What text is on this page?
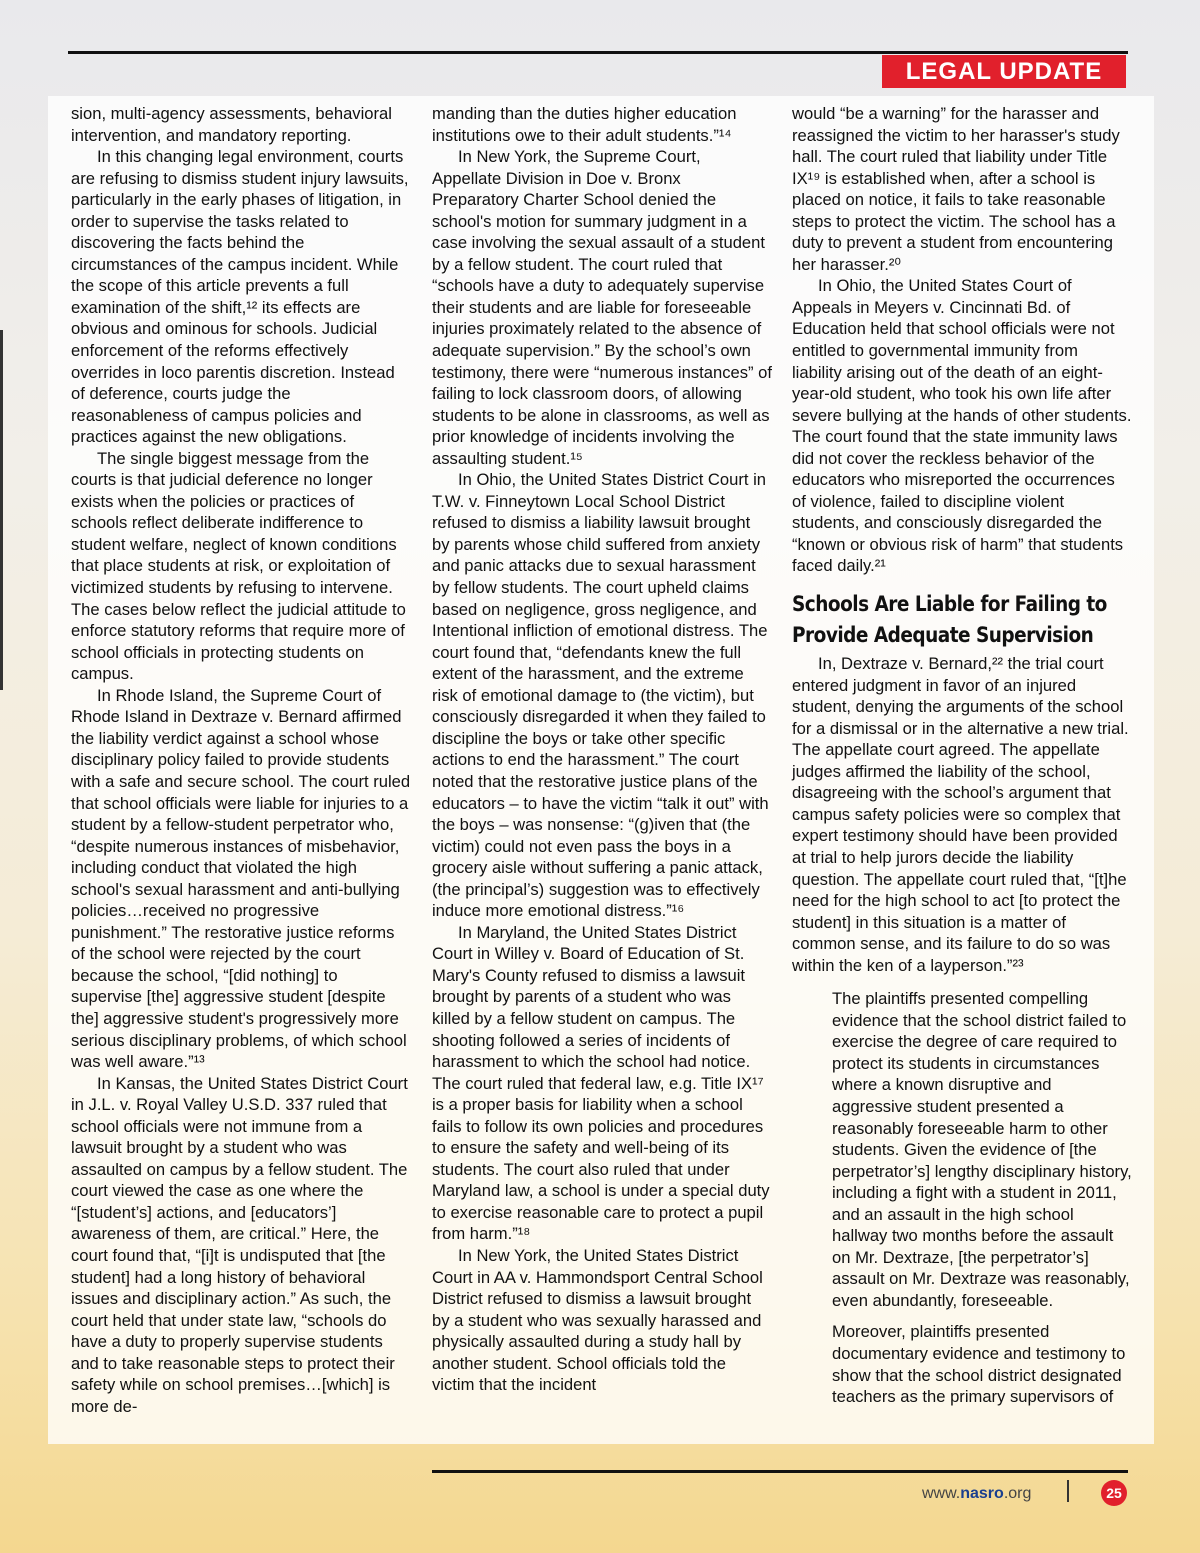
LEGAL UPDATE

sion, multi-agency assessments, behavioral intervention, and mandatory reporting.

In this changing legal environment, courts are refusing to dismiss student injury lawsuits, particularly in the early phases of litigation, in order to supervise the tasks related to discovering the facts behind the circumstances of the campus incident. While the scope of this article prevents a full examination of the shift,¹² its effects are obvious and ominous for schools. Judicial enforcement of the reforms effectively overrides in loco parentis discretion. Instead of deference, courts judge the reasonableness of campus policies and practices against the new obligations.

The single biggest message from the courts is that judicial deference no longer exists when the policies or practices of schools reflect deliberate indifference to student welfare, neglect of known conditions that place students at risk, or exploitation of victimized students by refusing to intervene. The cases below reflect the judicial attitude to enforce statutory reforms that require more of school officials in protecting students on campus.

In Rhode Island, the Supreme Court of Rhode Island in Dextraze v. Bernard affirmed the liability verdict against a school whose disciplinary policy failed to provide students with a safe and secure school. The court ruled that school officials were liable for injuries to a student by a fellow-student perpetrator who, “despite numerous instances of misbehavior, including conduct that violated the high school's sexual harassment and anti-bullying policies…received no progressive punishment.” The restorative justice reforms of the school were rejected by the court because the school, “[did nothing] to supervise [the] aggressive student [despite the] aggressive student's progressively more serious disciplinary problems, of which school was well aware.”¹³

In Kansas, the United States District Court in J.L. v. Royal Valley U.S.D. 337 ruled that school officials were not immune from a lawsuit brought by a student who was assaulted on campus by a fellow student. The court viewed the case as one where the “[student’s] actions, and [educators’] awareness of them, are critical.” Here, the court found that, “[i]t is undisputed that [the student] had a long history of behavioral issues and disciplinary action.” As such, the court held that under state law, “schools do have a duty to properly supervise students and to take reasonable steps to protect their safety while on school premises…[which] is more de-

manding than the duties higher education institutions owe to their adult students.”¹⁴

In New York, the Supreme Court, Appellate Division in Doe v. Bronx Preparatory Charter School denied the school's motion for summary judgment in a case involving the sexual assault of a student by a fellow student. The court ruled that “schools have a duty to adequately supervise their students and are liable for foreseeable injuries proximately related to the absence of adequate supervision.” By the school’s own testimony, there were “numerous instances” of failing to lock classroom doors, of allowing students to be alone in classrooms, as well as prior knowledge of incidents involving the assaulting student.¹⁵

In Ohio, the United States District Court in T.W. v. Finneytown Local School District refused to dismiss a liability lawsuit brought by parents whose child suffered from anxiety and panic attacks due to sexual harassment by fellow students. The court upheld claims based on negligence, gross negligence, and Intentional infliction of emotional distress. The court found that, “defendants knew the full extent of the harassment, and the extreme risk of emotional damage to (the victim), but consciously disregarded it when they failed to discipline the boys or take other specific actions to end the harassment.” The court noted that the restorative justice plans of the educators – to have the victim “talk it out” with the boys – was nonsense: “(g)iven that (the victim) could not even pass the boys in a grocery aisle without suffering a panic attack, (the principal’s) suggestion was to effectively induce more emotional distress.”¹⁶

In Maryland, the United States District Court in Willey v. Board of Education of St. Mary's County refused to dismiss a lawsuit brought by parents of a student who was killed by a fellow student on campus. The shooting followed a series of incidents of harassment to which the school had notice. The court ruled that federal law, e.g. Title IX¹⁷ is a proper basis for liability when a school fails to follow its own policies and procedures to ensure the safety and well-being of its students. The court also ruled that under Maryland law, a school is under a special duty to exercise reasonable care to protect a pupil from harm.”¹⁸

In New York, the United States District Court in AA v. Hammondsport Central School District refused to dismiss a lawsuit brought by a student who was sexually harassed and physically assaulted during a study hall by another student. School officials told the victim that the incident

would “be a warning” for the harasser and reassigned the victim to her harasser's study hall. The court ruled that liability under Title IX¹⁹ is established when, after a school is placed on notice, it fails to take reasonable steps to protect the victim. The school has a duty to prevent a student from encountering her harasser.²⁰

In Ohio, the United States Court of Appeals in Meyers v. Cincinnati Bd. of Education held that school officials were not entitled to governmental immunity from liability arising out of the death of an eight-year-old student, who took his own life after severe bullying at the hands of other students. The court found that the state immunity laws did not cover the reckless behavior of the educators who misreported the occurrences of violence, failed to discipline violent students, and consciously disregarded the “known or obvious risk of harm” that students faced daily.²¹

Schools Are Liable for Failing to Provide Adequate Supervision

In, Dextraze v. Bernard,²² the trial court entered judgment in favor of an injured student, denying the arguments of the school for a dismissal or in the alternative a new trial. The appellate court agreed. The appellate judges affirmed the liability of the school, disagreeing with the school’s argument that campus safety policies were so complex that expert testimony should have been provided at trial to help jurors decide the liability question. The appellate court ruled that, “[t]he need for the high school to act [to protect the student] in this situation is a matter of common sense, and its failure to do so was within the ken of a layperson.”²³

The plaintiffs presented compelling evidence that the school district failed to exercise the degree of care required to protect its students in circumstances where a known disruptive and aggressive student presented a reasonably foreseeable harm to other students. Given the evidence of [the perpetrator’s] lengthy disciplinary history, including a fight with a student in 2011, and an assault in the high school hallway two months before the assault on Mr. Dextraze, [the perpetrator’s] assault on Mr. Dextraze was reasonably, even abundantly, foreseeable.

Moreover, plaintiffs presented documentary evidence and testimony to show that the school district designated teachers as the primary supervisors of

www.nasro.org	25
